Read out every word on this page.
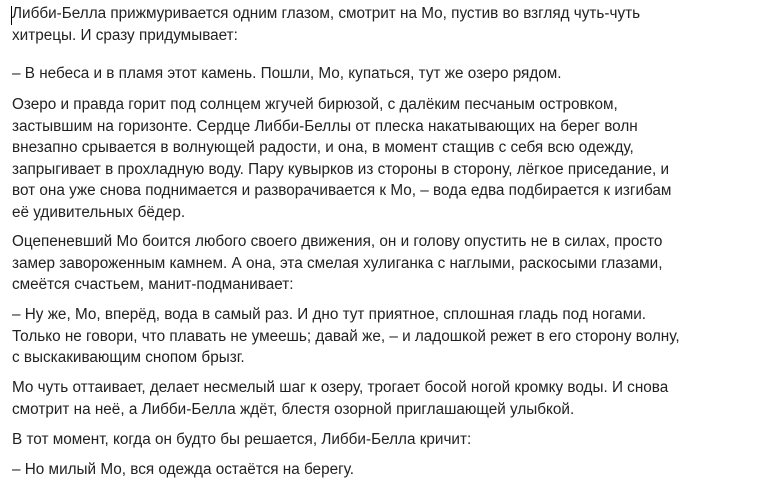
Либби-Белла прижмуривается одним глазом, смотрит на Мо, пустив во взгляд чуть-чуть
хитрецы. И сразу придумывает:

– В небеса и в пламя этот камень. Пошли, Мо, купаться, тут же озеро рядом.

Озеро и правда горит под солнцем жгучей бирюзой, с далёким песчаным островком,
застывшим на горизонте. Сердце Либби-Беллы от плеска накатывающих на берег волн
внезапно срывается в волнующей радости, и она, в момент стащив с себя всю одежду,
запрыгивает в прохладную воду. Пару кувырков из стороны в сторону, лёгкое приседание, и
вот она уже снова поднимается и разворачивается к Мо, – вода едва подбирается к изгибам
её удивительных бёдер.

Оцепеневший Мо боится любого своего движения, он и голову опустить не в силах, просто
замер завороженным камнем. А она, эта смелая хулиганка с наглыми, раскосыми глазами,
смеётся счастьем, манит-подманивает:

– Ну же, Мо, вперёд, вода в самый раз. И дно тут приятное, сплошная гладь под ногами.
Только не говори, что плавать не умеешь; давай же, – и ладошкой режет в его сторону волну,
с выскакивающим снопом брызг.

Мо чуть оттаивает, делает несмелый шаг к озеру, трогает босой ногой кромку воды. И снова
смотрит на неё, а Либби-Белла ждёт, блестя озорной приглашающей улыбкой.

В тот момент, когда он будто бы решается, Либби-Белла кричит:

– Но милый Мо, вся одежда остаётся на берегу.
